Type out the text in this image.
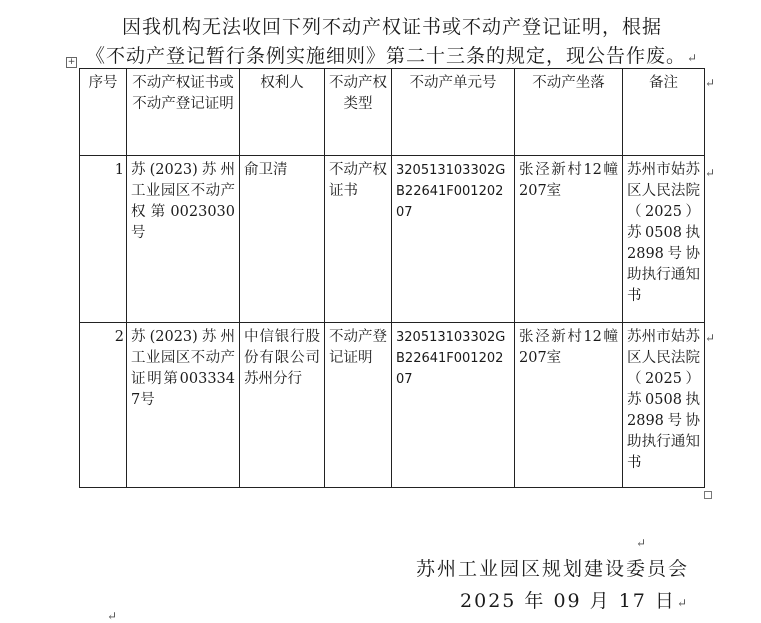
因我机构无法收回下列不动产权证书或不动产登记证明，根据
《不动产登记暂行条例实施细则》第二十三条的规定，现公告作废。↵
+
序号	不动产权证书或不动产登记证明	权利人	不动产权类型	不动产单元号	不动产坐落	备注
1	苏(2023)苏州工业园区不动产权第0023030号	俞卫清	不动产权证书	320513103302GB22641F00120207	张泾新村12幢207室	苏州市姑苏区人民法院（2025）苏0508执2898号协助执行通知书
2	苏(2023)苏州工业园区不动产证明第0033347号	中信银行股份有限公司苏州分行	不动产登记证明	320513103302GB22641F00120207	张泾新村12幢207室	苏州市姑苏区人民法院（2025）苏0508执2898号协助执行通知书
↵
↵
↵
↵
苏州工业园区规划建设委员会
2025 年 09 月 17 日↵
↵
